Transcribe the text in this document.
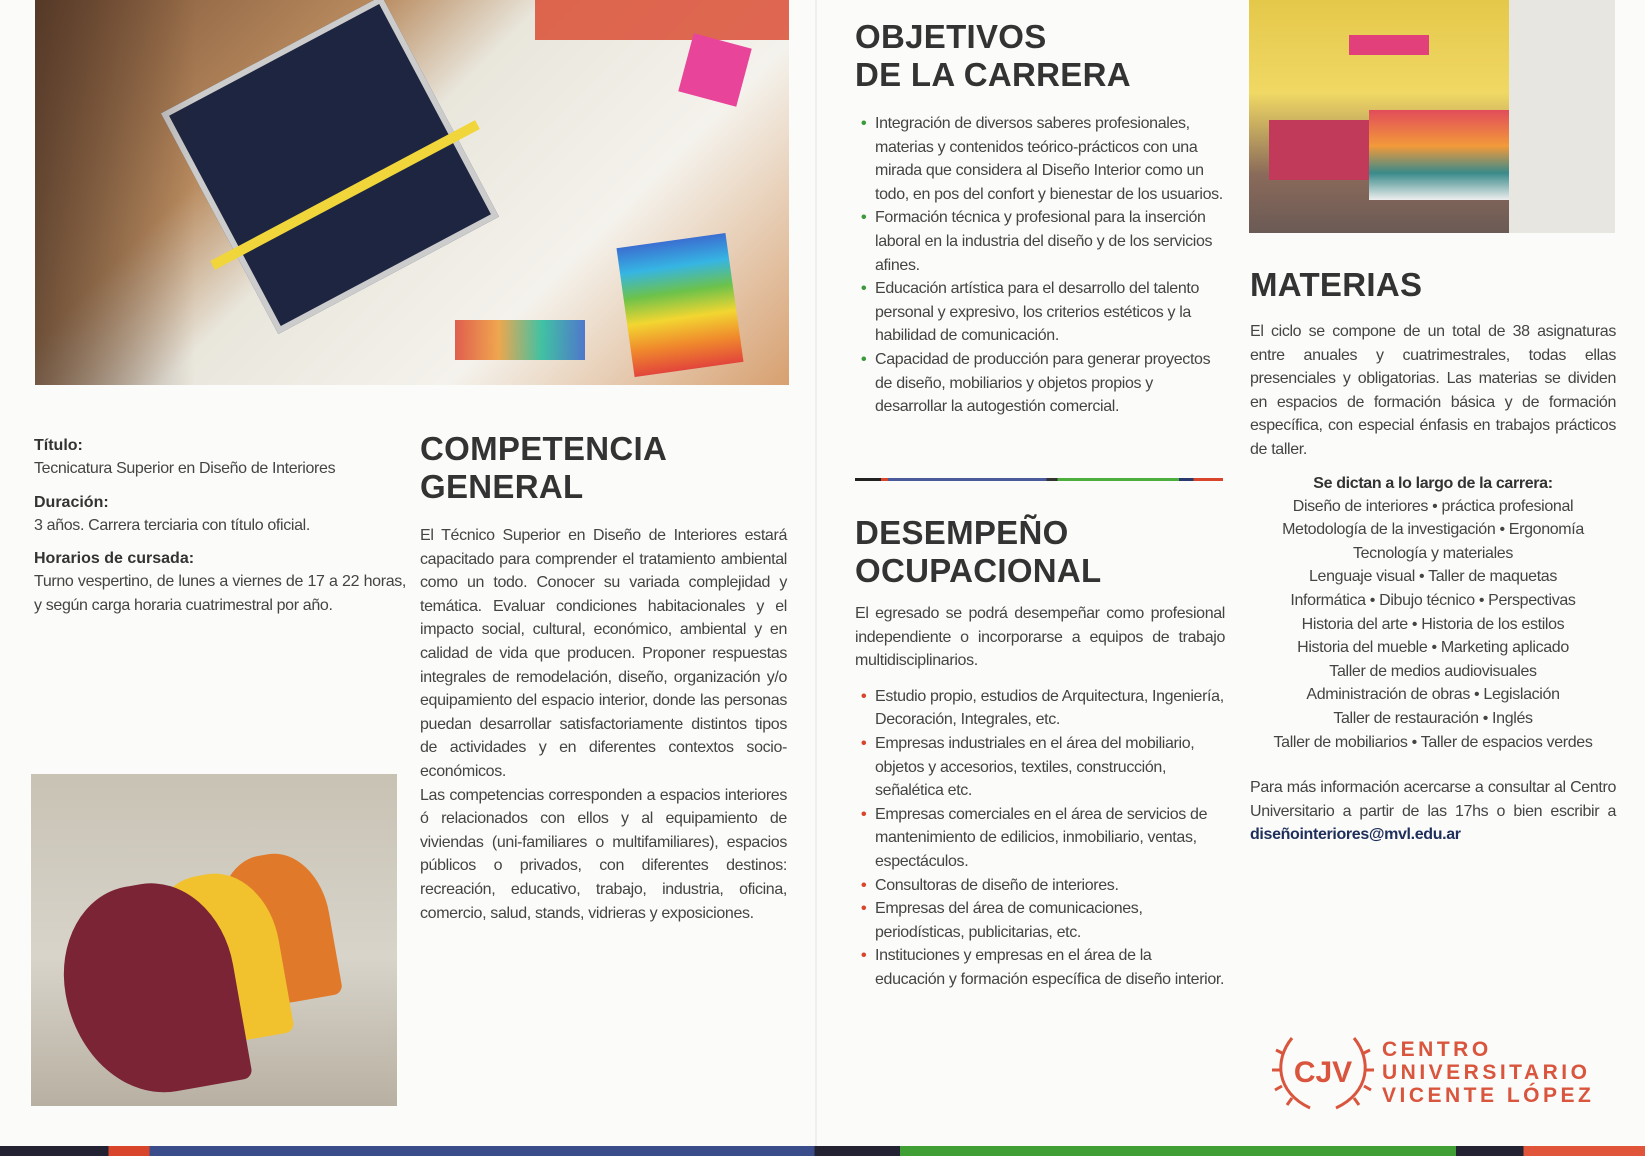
Título:
Tecnicatura Superior en Diseño de Interiores
Duración:
3 años. Carrera terciaria con título oficial.
Horarios de cursada:
Turno vespertino, de lunes a viernes de 17 a 22 horas, y según carga horaria cuatrimestral por año.
COMPETENCIA
GENERAL

El Técnico Superior en Diseño de Interiores estará capacitado para comprender el tratamiento ambiental como un todo. Conocer su variada complejidad y temática. Evaluar condiciones habitacionales y el impacto social, cultural, económico, ambiental y en calidad de vida que producen. Proponer respuestas integrales de remodelación, diseño, organización y/o equipamiento del espacio interior, donde las personas puedan desarrollar satisfactoriamente distintos tipos de actividades y en diferentes contextos socio-económicos.

Las competencias corresponden a espacios interiores ó relacionados con ellos y al equipamiento de viviendas (uni-familiares o multifamiliares), espacios públicos o privados, con diferentes destinos: recreación, educativo, trabajo, industria, oficina, comercio, salud, stands, vidrieras y exposiciones.

OBJETIVOS
DE LA CARRERA
• Integración de diversos saberes profesionales, materias y contenidos teórico-prácticos con una mirada que considera al Diseño Interior como un todo, en pos del confort y bienestar de los usuarios.
• Formación técnica y profesional para la inserción laboral en la industria del diseño y de los servicios afines.
• Educación artística para el desarrollo del talento personal y expresivo, los criterios estéticos y la habilidad de comunicación.
• Capacidad de producción para generar proyectos de diseño, mobiliarios y objetos propios y desarrollar la autogestión comercial.
DESEMPEÑO
OCUPACIONAL

El egresado se podrá desempeñar como profesional independiente o incorporarse a equipos de trabajo multidisciplinarios.

• Estudio propio, estudios de Arquitectura, Ingeniería, Decoración, Integrales, etc.
• Empresas industriales en el área del mobiliario, objetos y accesorios, textiles, construcción, señalética etc.
• Empresas comerciales en el área de servicios de mantenimiento de edilicios, inmobiliario, ventas, espectáculos.
• Consultoras de diseño de interiores.
• Empresas del área de comunicaciones, periodísticas, publicitarias, etc.
• Instituciones y empresas en el área de la educación y formación específica de diseño interior.
MATERIAS

El ciclo se compone de un total de 38 asignaturas entre anuales y cuatrimestrales, todas ellas presenciales y obligatorias. Las materias se dividen en espacios de formación básica y de formación específica, con especial énfasis en trabajos prácticos de taller.

Se dictan a lo largo de la carrera:
Diseño de interiores • práctica profesional
Metodología de la investigación • Ergonomía
Tecnología y materiales
Lenguaje visual • Taller de maquetas
Informática • Dibujo técnico • Perspectivas
Historia del arte • Historia de los estilos
Historia del mueble • Marketing aplicado
Taller de medios audiovisuales
Administración de obras • Legislación
Taller de restauración • Inglés
Taller de mobiliarios • Taller de espacios verdes

Para más información acercarse a consultar al Centro Universitario a partir de las 17hs o bien escribir a diseñointeriores@mvl.edu.ar

CJV
CENTRO
UNIVERSITARIO
VICENTE LÓPEZ
